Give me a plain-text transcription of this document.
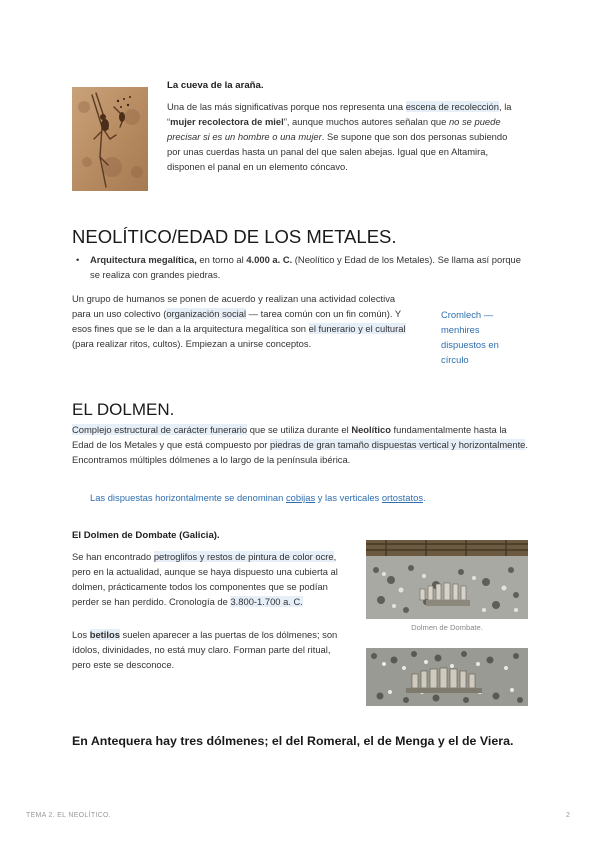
La cueva de la araña.

Una de las más significativas porque nos representa una escena de recolección, la “mujer recolectora de miel”, aunque muchos autores señalan que no se puede precisar si es un hombre o una mujer. Se supone que son dos personas subiendo por unas cuerdas hasta un panal del que salen abejas. Igual que en Altamira, disponen el panal en un elemento cóncavo.

NEOLÍTICO/EDAD DE LOS METALES.
• Arquitectura megalítica, en torno al 4.000 a. C. (Neolítico y Edad de los Metales). Se llama así porque se realiza con grandes piedras.

Un grupo de humanos se ponen de acuerdo y realizan una actividad colectiva para un uso colectivo (organización social — tarea común con un fin común). Y esos fines que se le dan a la arquitectura megalítica son el funerario y el cultural (para realizar ritos, cultos). Empiezan a unirse conceptos.

Cromlech — menhires dispuestos en círculo

EL DOLMEN.

Complejo estructural de carácter funerario que se utiliza durante el Neolítico fundamentalmente hasta la Edad de los Metales y que está compuesto por piedras de gran tamaño dispuestas vertical y horizontalmente. Encontramos múltiples dólmenes a lo largo de la península ibérica.

Las dispuestas horizontalmente se denominan cobijas y las verticales ortostatos.

El Dolmen de Dombate (Galicia).

Se han encontrado petroglifos y restos de pintura de color ocre, pero en la actualidad, aunque se haya dispuesto una cubierta al dolmen, prácticamente todos los componentes que se podían perder se han perdido. Cronología de 3.800-1.700 a. C.

Los betilos suelen aparecer a las puertas de los dólmenes; son ídolos, divinidades, no está muy claro. Forman parte del ritual, pero este se desconoce.

Dolmen de Dombate.

En Antequera hay tres dólmenes; el del Romeral, el de Menga y el de Viera.

TEMA 2. EL NEOLÍTICO.	2
